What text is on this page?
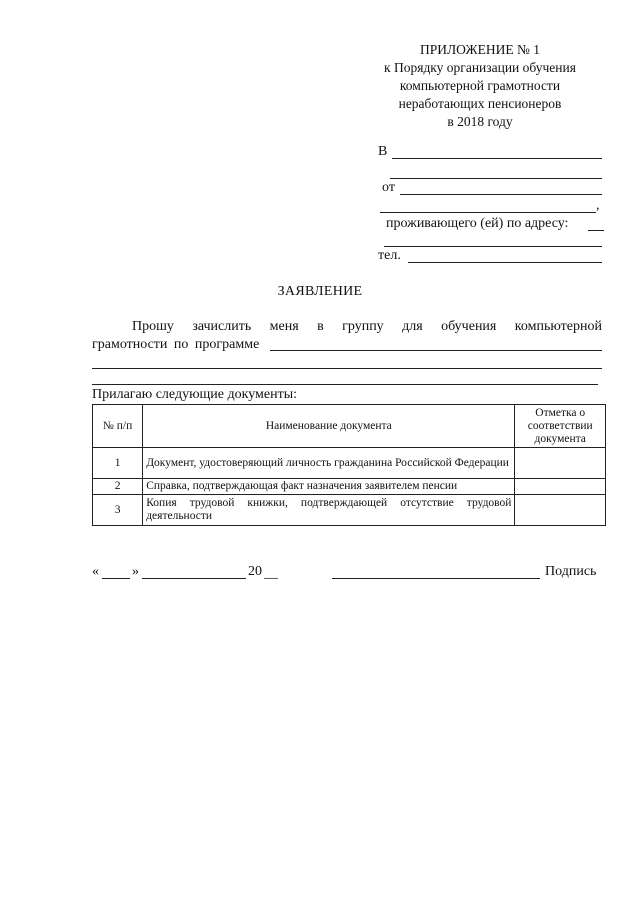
ПРИЛОЖЕНИЕ № 1
к Порядку организации обучения
компьютерной грамотности
неработающих пенсионеров
в 2018 году
В
от
,
проживающего (ей) по адресу:
тел.
ЗАЯВЛЕНИЕ
Прошу зачислить меня в группу для обучения компьютерной
грамотности по программе
Прилагаю следующие документы:
№ п/п	Наименование документа	Отметка о соответствии документа
1	Документ, удостоверяющий личность гражданина Российской Федерации	
2	Справка, подтверждающая факт назначения заявителем пенсии	
3	Копия трудовой книжки, подтверждающей отсутствие трудовой деятельности	
« »	20 __	Подпись
